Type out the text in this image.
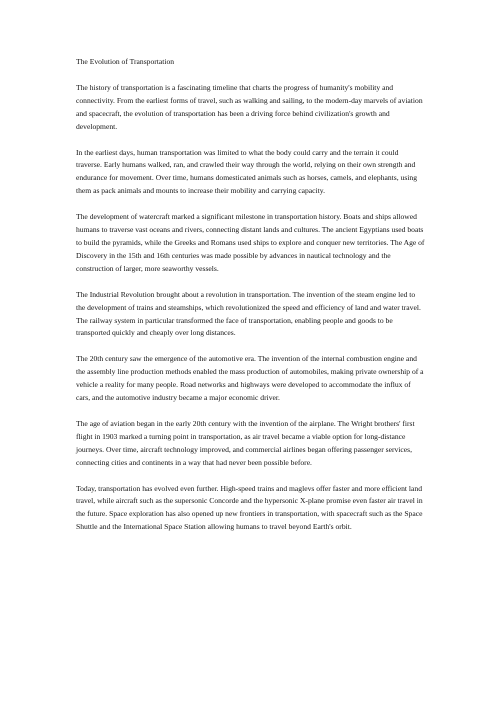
The Evolution of Transportation

The history of transportation is a fascinating timeline that charts the progress of humanity's mobility and connectivity. From the earliest forms of travel, such as walking and sailing, to the modern-day marvels of aviation and spacecraft, the evolution of transportation has been a driving force behind civilization's growth and development.

In the earliest days, human transportation was limited to what the body could carry and the terrain it could traverse. Early humans walked, ran, and crawled their way through the world, relying on their own strength and endurance for movement. Over time, humans domesticated animals such as horses, camels, and elephants, using them as pack animals and mounts to increase their mobility and carrying capacity.

The development of watercraft marked a significant milestone in transportation history. Boats and ships allowed humans to traverse vast oceans and rivers, connecting distant lands and cultures. The ancient Egyptians used boats to build the pyramids, while the Greeks and Romans used ships to explore and conquer new territories. The Age of Discovery in the 15th and 16th centuries was made possible by advances in nautical technology and the construction of larger, more seaworthy vessels.

The Industrial Revolution brought about a revolution in transportation. The invention of the steam engine led to the development of trains and steamships, which revolutionized the speed and efficiency of land and water travel. The railway system in particular transformed the face of transportation, enabling people and goods to be transported quickly and cheaply over long distances.

The 20th century saw the emergence of the automotive era. The invention of the internal combustion engine and the assembly line production methods enabled the mass production of automobiles, making private ownership of a vehicle a reality for many people. Road networks and highways were developed to accommodate the influx of cars, and the automotive industry became a major economic driver.

The age of aviation began in the early 20th century with the invention of the airplane. The Wright brothers' first flight in 1903 marked a turning point in transportation, as air travel became a viable option for long-distance journeys. Over time, aircraft technology improved, and commercial airlines began offering passenger services, connecting cities and continents in a way that had never been possible before.

Today, transportation has evolved even further. High-speed trains and maglevs offer faster and more efficient land travel, while aircraft such as the supersonic Concorde and the hypersonic X-plane promise even faster air travel in the future. Space exploration has also opened up new frontiers in transportation, with spacecraft such as the Space Shuttle and the International Space Station allowing humans to travel beyond Earth's orbit.
